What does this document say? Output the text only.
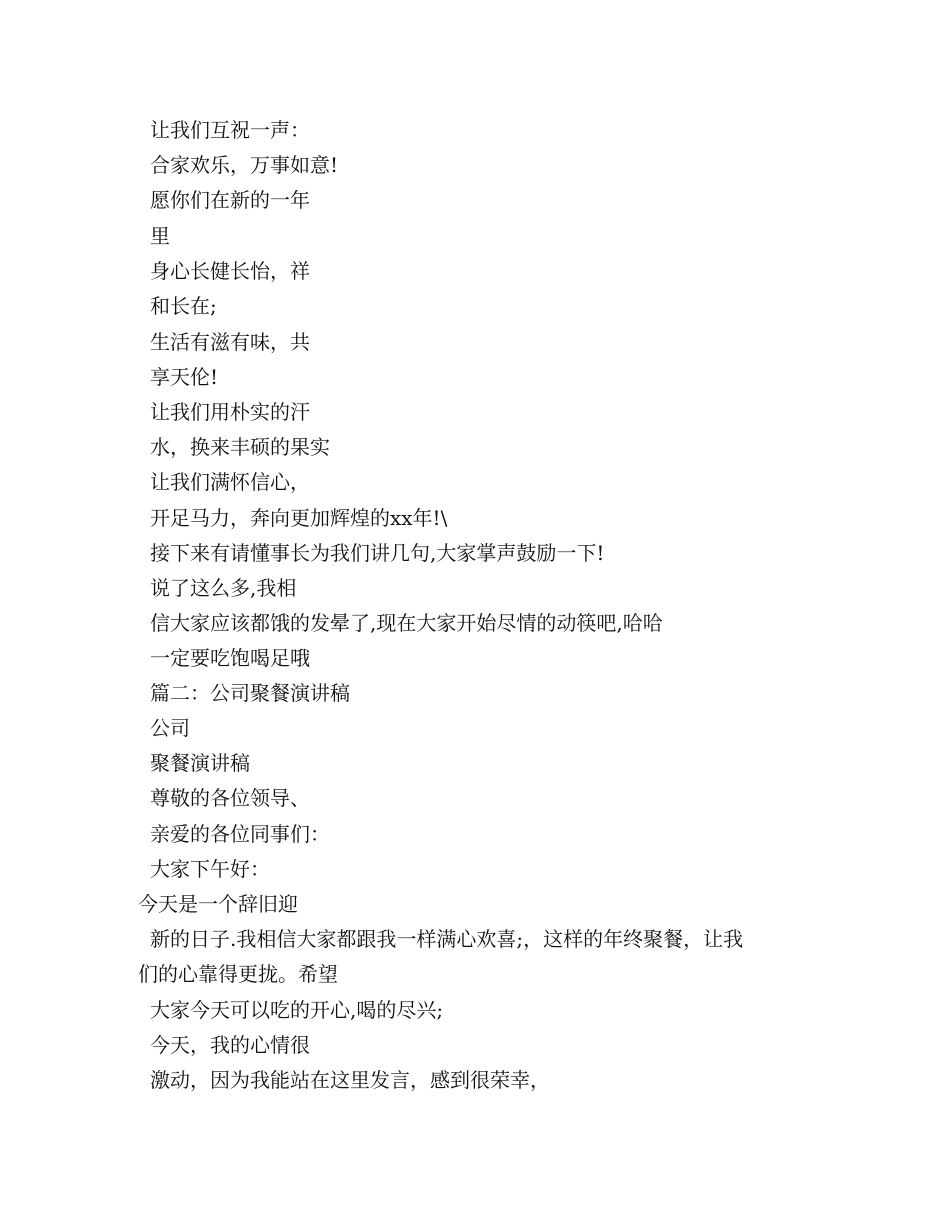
让我们互祝一声：
合家欢乐，万事如意!
愿你们在新的一年
里
身心长健长怡，祥
和长在;
生活有滋有味，共
享天伦!
让我们用朴实的汗
水，换来丰硕的果实
让我们满怀信心，
开足马力，奔向更加辉煌的xx年!\
接下来有请懂事长为我们讲几句,大家掌声鼓励一下!
说了这么多,我相
信大家应该都饿的发晕了,现在大家开始尽情的动筷吧,哈哈
一定要吃饱喝足哦
篇二：公司聚餐演讲稿
公司
聚餐演讲稿
尊敬的各位领导、
亲爱的各位同事们：
大家下午好：
今天是一个辞旧迎
新的日子.我相信大家都跟我一样满心欢喜;，这样的年终聚餐，让我
们的心靠得更拢。希望
大家今天可以吃的开心,喝的尽兴;
今天，我的心情很
激动，因为我能站在这里发言，感到很荣幸，
